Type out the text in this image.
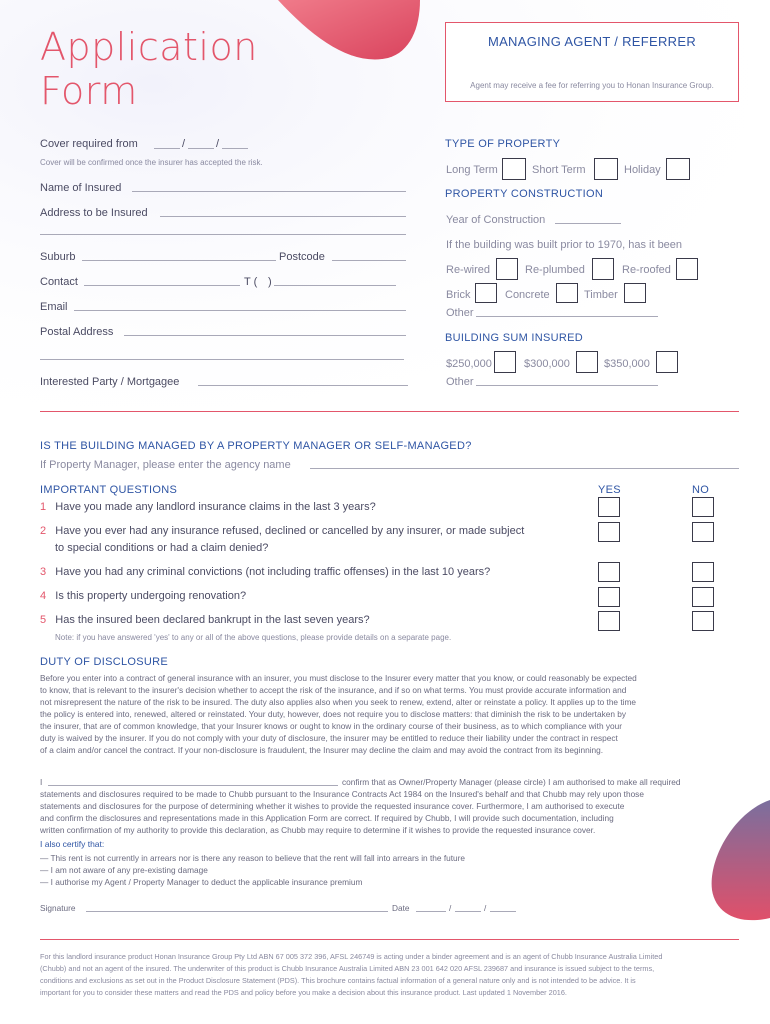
Application
Form
MANAGING AGENT / REFERRER
Agent may receive a fee for referring you to Honan Insurance Group.
Cover required from	/	/
Cover will be confirmed once the insurer has accepted the risk.
Name of Insured
Address to be Insured
Suburb	Postcode
Contact	T ( )
Email
Postal Address
Interested Party / Mortgagee
TYPE OF PROPERTY
Long Term	Short Term	Holiday
PROPERTY CONSTRUCTION
Year of Construction
If the building was built prior to 1970, has it been
Re-wired	Re-plumbed	Re-roofed
Brick	Concrete	Timber
Other
BUILDING SUM INSURED
$250,000	$300,000	$350,000
Other
IS THE BUILDING MANAGED BY A PROPERTY MANAGER OR SELF-MANAGED?
If Property Manager, please enter the agency name
IMPORTANT QUESTIONS	YES	NO
1 Have you made any landlord insurance claims in the last 3 years?
2 Have you ever had any insurance refused, declined or cancelled by any insurer, or made subject
to special conditions or had a claim denied?
3 Have you had any criminal convictions (not including traffic offenses) in the last 10 years?
4 Is this property undergoing renovation?
5 Has the insured been declared bankrupt in the last seven years?
Note: if you have answered 'yes' to any or all of the above questions, please provide details on a separate page.
DUTY OF DISCLOSURE
Before you enter into a contract of general insurance with an insurer, you must disclose to the Insurer every matter that you know, or could reasonably be expected
to know, that is relevant to the insurer's decision whether to accept the risk of the insurance, and if so on what terms. You must provide accurate information and
not misrepresent the nature of the risk to be insured. The duty also applies also when you seek to renew, extend, alter or reinstate a policy. It applies up to the time
the policy is entered into, renewed, altered or reinstated. Your duty, however, does not require you to disclose matters: that diminish the risk to be undertaken by
the insurer, that are of common knowledge, that your Insurer knows or ought to know in the ordinary course of their business, as to which compliance with your
duty is waived by the insurer. If you do not comply with your duty of disclosure, the insurer may be entitled to reduce their liability under the contract in respect
of a claim and/or cancel the contract. If your non-disclosure is fraudulent, the Insurer may decline the claim and may avoid the contract from its beginning.
I	confirm that as Owner/Property Manager (please circle) I am authorised to make all required
statements and disclosures required to be made to Chubb pursuant to the Insurance Contracts Act 1984 on the Insured's behalf and that Chubb may rely upon those
statements and disclosures for the purpose of determining whether it wishes to provide the requested insurance cover. Furthermore, I am authorised to execute
and confirm the disclosures and representations made in this Application Form are correct. If required by Chubb, I will provide such documentation, including
written confirmation of my authority to provide this declaration, as Chubb may require to determine if it wishes to provide the requested insurance cover.
I also certify that:
— This rent is not currently in arrears nor is there any reason to believe that the rent will fall into arrears in the future
— I am not aware of any pre-existing damage
— I authorise my Agent / Property Manager to deduct the applicable insurance premium
Signature	Date	/	/
For this landlord insurance product Honan Insurance Group Pty Ltd ABN 67 005 372 396, AFSL 246749 is acting under a binder agreement and is an agent of Chubb Insurance Australia Limited
(Chubb) and not an agent of the insured. The underwriter of this product is Chubb Insurance Australia Limited ABN 23 001 642 020 AFSL 239687 and insurance is issued subject to the terms,
conditions and exclusions as set out in the Product Disclosure Statement (PDS). This brochure contains factual information of a general nature only and is not intended to be advice. It is
important for you to consider these matters and read the PDS and policy before you make a decision about this insurance product. Last updated 1 November 2016.
